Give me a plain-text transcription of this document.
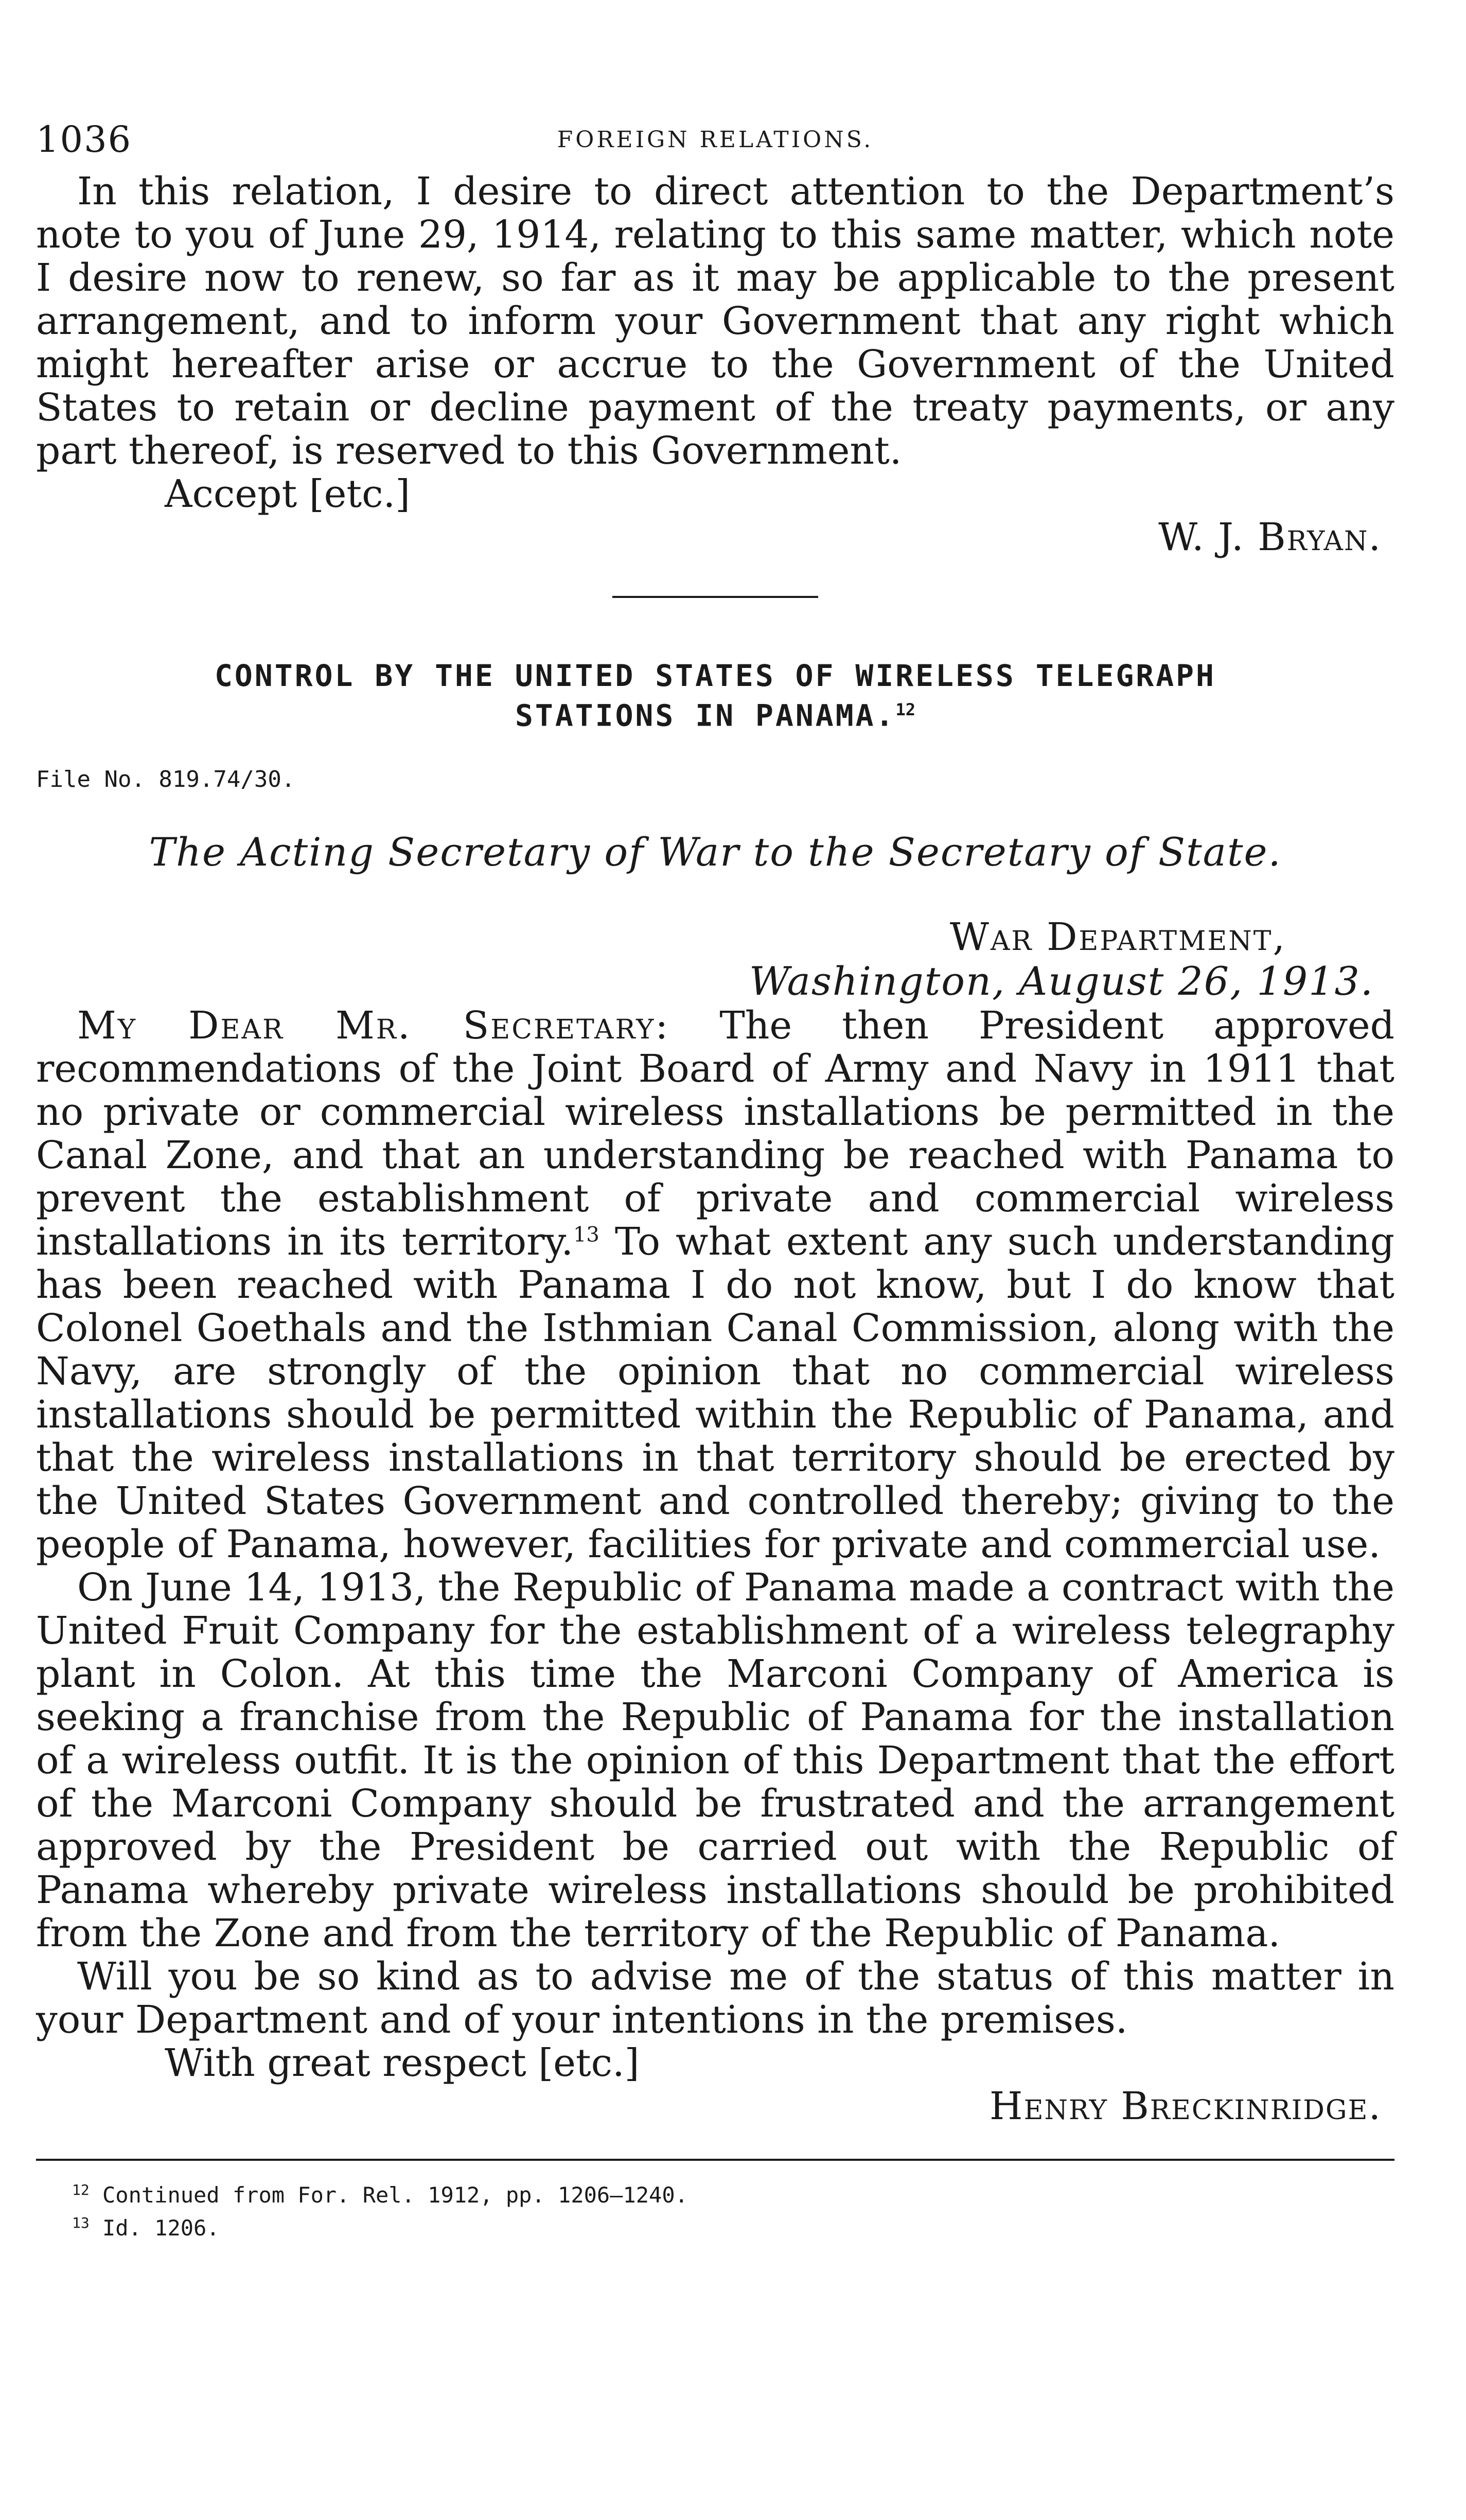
1036	FOREIGN RELATIONS.

In this relation, I desire to direct attention to the Department’s note to you of June 29, 1914, relating to this same matter, which note I desire now to renew, so far as it may be applicable to the present arrangement, and to inform your Government that any right which might hereafter arise or accrue to the Government of the United States to retain or decline payment of the treaty payments, or any part thereof, is reserved to this Government.

Accept [etc.]

W. J. Bryan.
CONTROL BY THE UNITED STATES OF WIRELESS TELEGRAPH
STATIONS IN PANAMA.$^{12}$
File No. 819.74/30.
The Acting Secretary of War to the Secretary of State.
War Department,
Washington, August 26, 1913.

My Dear Mr. Secretary: The then President approved recommendations of the Joint Board of Army and Navy in 1911 that no private or commercial wireless installations be permitted in the Canal Zone, and that an understanding be reached with Panama to prevent the establishment of private and commercial wireless installations in its territory.$^{13}$ To what extent any such understanding has been reached with Panama I do not know, but I do know that Colonel Goethals and the Isthmian Canal Commission, along with the Navy, are strongly of the opinion that no commercial wireless installations should be permitted within the Republic of Panama, and that the wireless installations in that territory should be erected by the United States Government and controlled thereby; giving to the people of Panama, however, facilities for private and commercial use.

On June 14, 1913, the Republic of Panama made a contract with the United Fruit Company for the establishment of a wireless telegraphy plant in Colon. At this time the Marconi Company of America is seeking a franchise from the Republic of Panama for the installation of a wireless outfit. It is the opinion of this Department that the effort of the Marconi Company should be frustrated and the arrangement approved by the President be carried out with the Republic of Panama whereby private wireless installations should be prohibited from the Zone and from the territory of the Republic of Panama.

Will you be so kind as to advise me of the status of this matter in your Department and of your intentions in the premises.

With great respect [etc.]

Henry Breckinridge.
$^{12}$ Continued from For. Rel. 1912, pp. 1206–1240.
$^{13}$ Id. 1206.
